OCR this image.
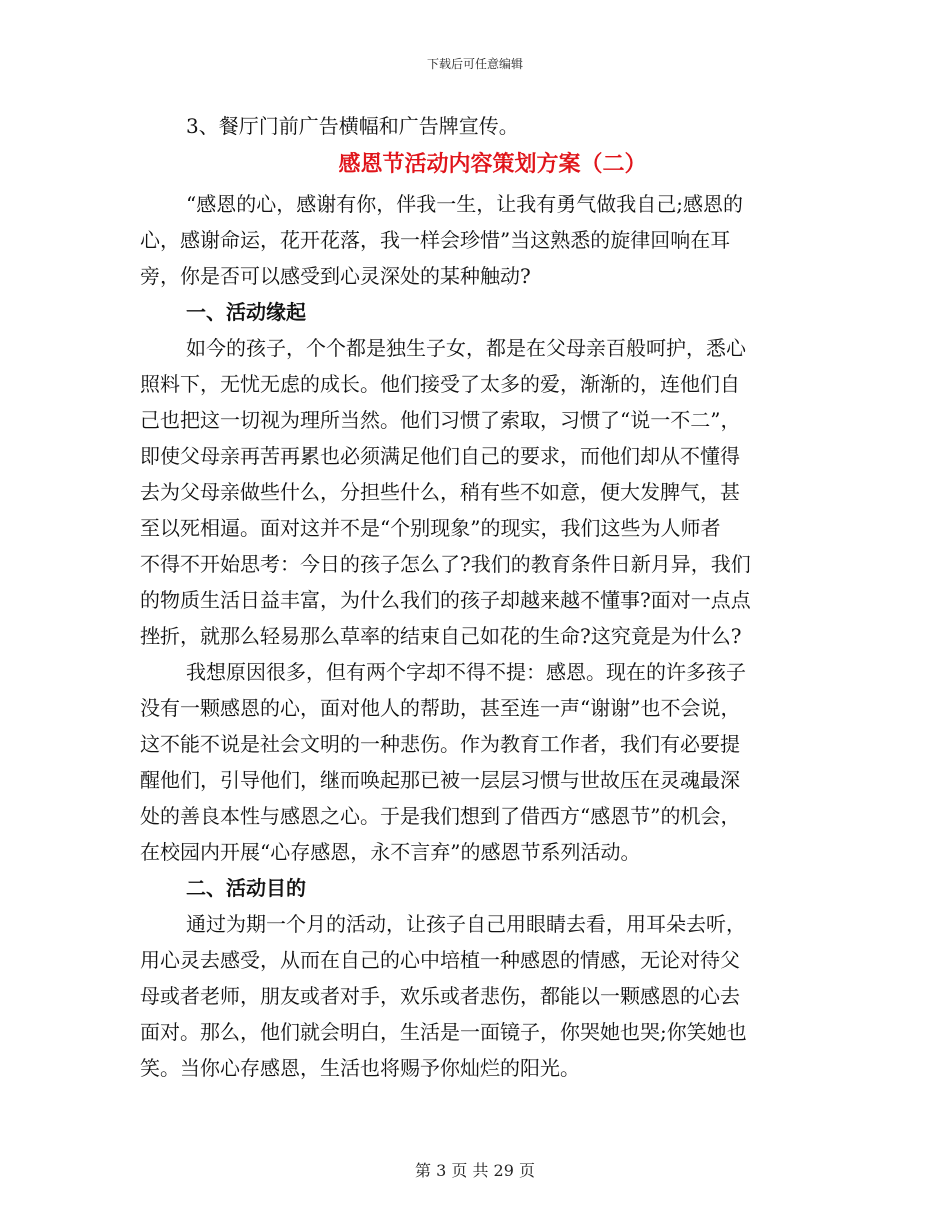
下载后可任意编辑
3、餐厅门前广告横幅和广告牌宣传。
感恩节活动内容策划方案（二）
“感恩的心，感谢有你，伴我一生，让我有勇气做我自己;感恩的
心，感谢命运，花开花落，我一样会珍惜”当这熟悉的旋律回响在耳
旁，你是否可以感受到心灵深处的某种触动?
一、活动缘起
如今的孩子，个个都是独生子女，都是在父母亲百般呵护，悉心
照料下，无忧无虑的成长。他们接受了太多的爱，渐渐的，连他们自
己也把这一切视为理所当然。他们习惯了索取，习惯了“说一不二”，
即使父母亲再苦再累也必须满足他们自己的要求，而他们却从不懂得
去为父母亲做些什么，分担些什么，稍有些不如意，便大发脾气，甚
至以死相逼。面对这并不是“个别现象”的现实，我们这些为人师者
不得不开始思考：今日的孩子怎么了?我们的教育条件日新月异，我们
的物质生活日益丰富，为什么我们的孩子却越来越不懂事?面对一点点
挫折，就那么轻易那么草率的结束自己如花的生命?这究竟是为什么?
我想原因很多，但有两个字却不得不提：感恩。现在的许多孩子
没有一颗感恩的心，面对他人的帮助，甚至连一声“谢谢”也不会说，
这不能不说是社会文明的一种悲伤。作为教育工作者，我们有必要提
醒他们，引导他们，继而唤起那已被一层层习惯与世故压在灵魂最深
处的善良本性与感恩之心。于是我们想到了借西方“感恩节”的机会，
在校园内开展“心存感恩，永不言弃”的感恩节系列活动。
二、活动目的
通过为期一个月的活动，让孩子自己用眼睛去看，用耳朵去听，
用心灵去感受，从而在自己的心中培植一种感恩的情感，无论对待父
母或者老师，朋友或者对手，欢乐或者悲伤，都能以一颗感恩的心去
面对。那么，他们就会明白，生活是一面镜子，你哭她也哭;你笑她也
笑。当你心存感恩，生活也将赐予你灿烂的阳光。
第 3 页 共 29 页
